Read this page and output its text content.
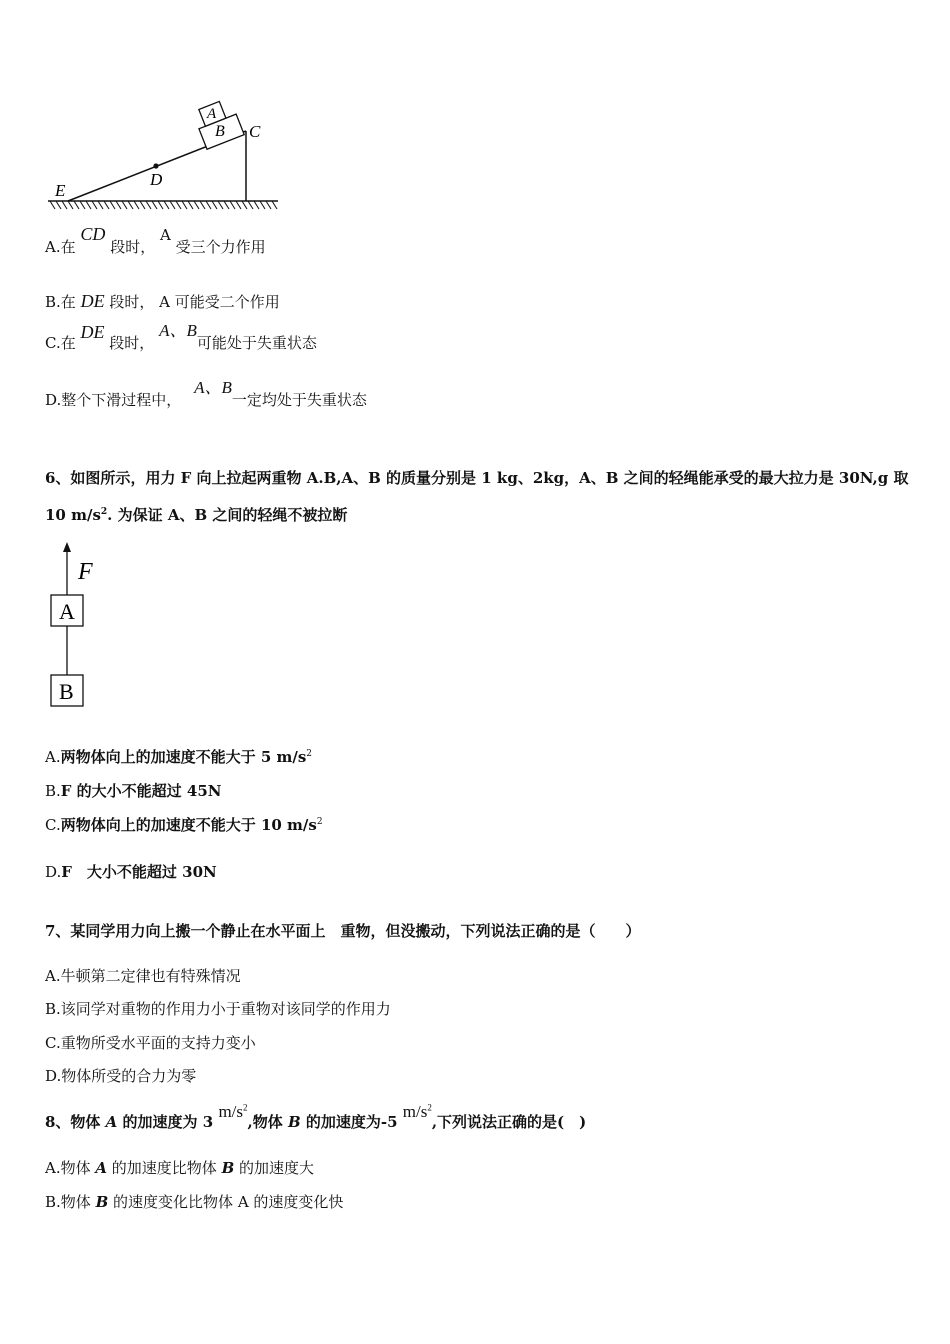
A
B C
D
E
A.在 CD 段时， A 受三个力作用
B.在 DE 段时， A 可能受二个作用
C.在 DE 段时， A、B可能处于失重状态
D.整个下滑过程中， A、B一定均处于失重状态
6、如图所示，用力 F 向上拉起两重物 A.B,A、B 的质量分别是 1 kg、2kg，A、B 之间的轻绳能承受的最大拉力是 30N,g 取
10 $m/s^2$. 为保证 A、B 之间的轻绳不被拉断
F
A
B
A.两物体向上的加速度不能大于 5 $m/s^2$
B.F 的大小不能超过 45N
C.两物体向上的加速度不能大于 10 $m/s^2$
D.F　大小不能超过 30N
7、某同学用力向上搬一个静止在水平面上　重物，但没搬动，下列说法正确的是（　　）
A.牛顿第二定律也有特殊情况
B.该同学对重物的作用力小于重物对该同学的作用力
C.重物所受水平面的支持力变小
D.物体所受的合力为零
8、物体 A 的加速度为 3 $m/s^2$,物体 B 的加速度为-5 $m/s^2$,下列说法正确的是(　)
A.物体 A 的加速度比物体 B 的加速度大
B.物体 B 的速度变化比物体 A 的速度变化快
